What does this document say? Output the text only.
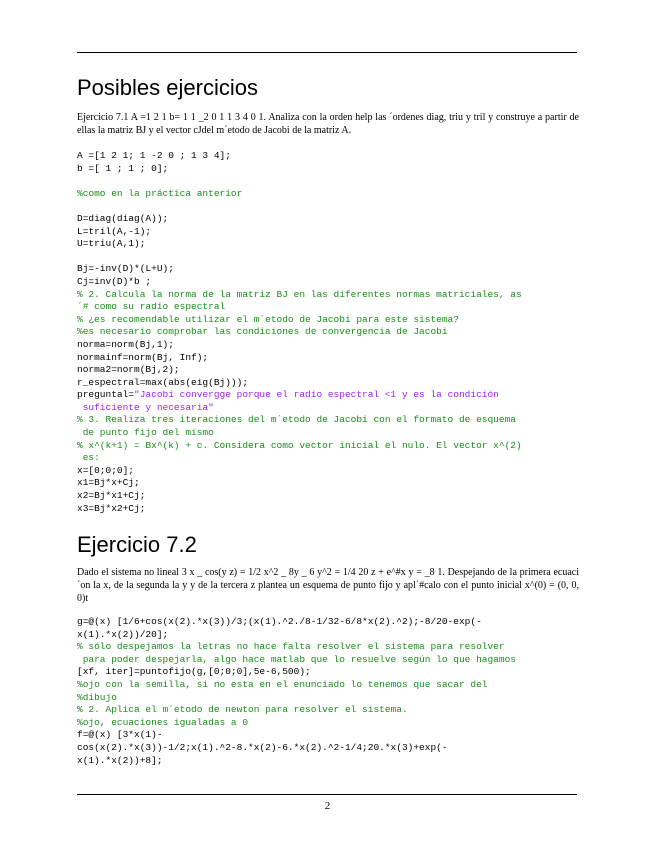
Posibles ejercicios

Ejercicio 7.1 A =1 2 1 b= 1 1 _2 0 1 1 3 4 0 1. Analiza con la orden help las ´ordenes diag, triu y tril y construye a partir de ellas la matriz BJ y el vector cJdel m´etodo de Jacobi de la matriz A.

A =[1 2 1; 1 -2 0 ; 1 3 4];
b =[ 1 ; 1 ; 0];
%como en la práctica anterior
D=diag(diag(A));
L=tril(A,-1);
U=triu(A,1);
Bj=-inv(D)*(L+U);
Cj=inv(D)*b ;
% 2. Calcula la norma de la matriz BJ en las diferentes normas matriciales, as
´# como su radio espectral
% ¿es recomendable utilizar el m´etodo de Jacobi para este sistema?
%es necesario comprobar las condiciones de convergencia de Jacobi
norma=norm(Bj,1);
normainf=norm(Bj, Inf);
norma2=norm(Bj,2);
r_espectral=max(abs(eig(Bj)));
preguntal="Jacobi convergge porque el radio espectral <1 y es la condición
suficiente y necesaria"
% 3. Realiza tres iteraciones del m´etodo de Jacobi con el formato de esquema
de punto fijo del mismo
% x^(k+1) = Bx^(k) + c. Considera como vector inicial el nulo. El vector x^(2)
es:
x=[0;0;0];
x1=Bj*x+Cj;
x2=Bj*x1+Cj;
x3=Bj*x2+Cj;
Ejercicio 7.2

Dado el sistema no lineal 3 x _ cos(y z) = 1/2 x^2 _ 8y _ 6 y^2 = 1/4 20 z + e^#x y = _8 1. Despejando de la primera ecuaci´on la x, de la segunda la y y de la tercera z plantea un esquema de punto fijo y apl´#calo con el punto inicial x^(0) = (0, 0, 0)t

g=@(x) [1/6+cos(x(2).*x(3))/3;(x(1).^2./8-1/32-6/8*x(2).^2);-8/20-exp(-
x(1).*x(2))/20];
% sólo despejamos la letras no hace falta resolver el sistema para resolver
para poder despejarla, algo hace matlab que lo resuelve según lo que hagamos
[xf, iter]=puntofijo(g,[0;0;0],5e-6,500);
%ojo con la semilla, si no esta en el enunciado lo tenemos que sacar del
%dibujo
% 2. Aplica el m´etodo de newton para resolver el sistema.
%ojo, ecuaciones igualadas a 0
f=@(x) [3*x(1)-
cos(x(2).*x(3))-1/2;x(1).^2-8.*x(2)-6.*x(2).^2-1/4;20.*x(3)+exp(-
x(1).*x(2))+8];
2
